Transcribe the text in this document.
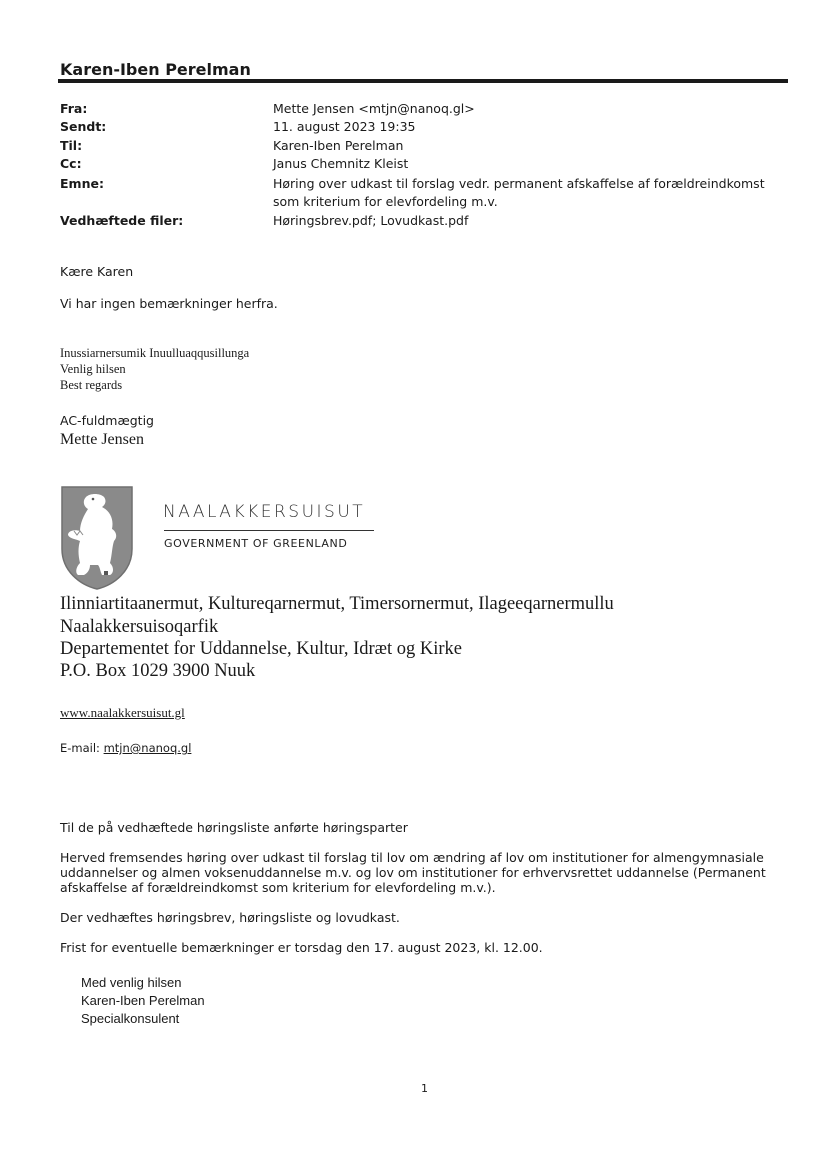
Karen-Iben Perelman
Fra:	Mette Jensen <mtjn@nanoq.gl>
Sendt:	11. august 2023 19:35
Til:	Karen-Iben Perelman
Cc:	Janus Chemnitz Kleist
Emne:	Høring over udkast til forslag vedr. permanent afskaffelse af forældreindkomst som kriterium for elevfordeling m.v.
Vedhæftede filer:	Høringsbrev.pdf; Lovudkast.pdf
Kære Karen
Vi har ingen bemærkninger herfra.
Inussiarnersumik Inuulluaqqusillunga
Venlig hilsen
Best regards
AC-fuldmægtig
Mette Jensen
NAALAKKERSUISUT
GOVERNMENT OF GREENLAND
Ilinniartitaanermut, Kultureqarnermut, Timersornermut, Ilageeqarnermullu
Naalakkersuisoqarfik
Departementet for Uddannelse, Kultur, Idræt og Kirke
P.O. Box 1029 3900 Nuuk
www.naalakkersuisut.gl
E-mail: mtjn@nanoq.gl
Til de på vedhæftede høringsliste anførte høringsparter
Herved fremsendes høring over udkast til forslag til lov om ændring af lov om institutioner for almengymnasiale
uddannelser og almen voksenuddannelse m.v. og lov om institutioner for erhvervsrettet uddannelse (Permanent
afskaffelse af forældreindkomst som kriterium for elevfordeling m.v.).
Der vedhæftes høringsbrev, høringsliste og lovudkast.
Frist for eventuelle bemærkninger er torsdag den 17. august 2023, kl. 12.00.
Med venlig hilsen
Karen-Iben Perelman
Specialkonsulent
1
